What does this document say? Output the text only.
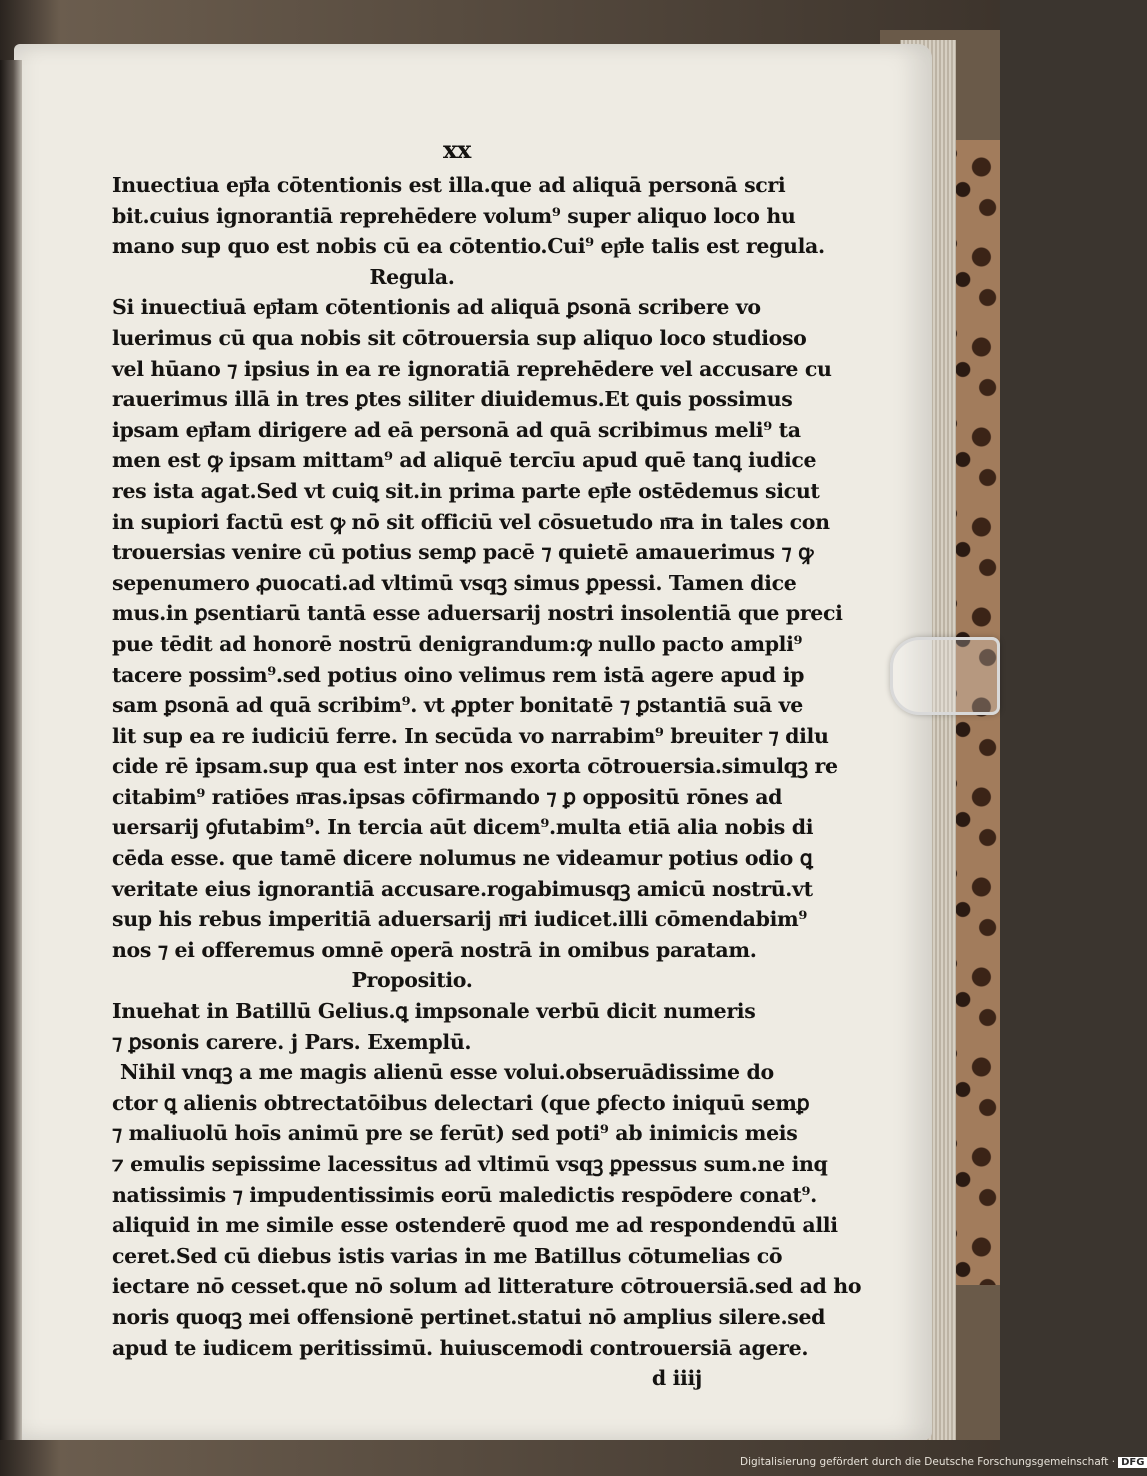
xx
Inuectiua ep͞la cōtentionis est illa.que ad aliquā personā scri
bit.cuius ignorantiā reprehēdere volum⁹ super aliquo loco hu
mano sup quo est nobis cū ea cōtentio.Cui⁹ ep͞le talis est regula.
Regula.
Si inuectiuā ep͞lam cōtentionis ad aliquā ꝑsonā scribere vo
luerimus cū qua nobis sit cōtrouersia sup aliquo loco studioso
vel hūano ⁊ ipsius in ea re ignoratiā reprehēdere vel accusare cu
rauerimus illā in tres ꝑtes siliter diuidemus.Et ꝗuis possimus
ipsam ep͞lam dirigere ad eā personā ad quā scribimus meli⁹ ta
men est ꝙ ipsam mittam⁹ ad aliquē tercīu apud quē tanꝗ iudice
res ista agat.Sed vt cuiꝗ sit.in prima parte ep͞le ostēdemus sicut
in supiori factū est ꝙ nō sit officiū vel cōsuetudo n͞ra in tales con
trouersias venire cū potius semꝑ pacē ⁊ quietē amauerimus ⁊ ꝙ
sepenumero ꝓuocati.ad vltimū vsqꝫ simus ꝑpessi. Tamen dice
mus.in ꝑsentiarū tantā esse aduersarij nostri insolentiā que preci
pue tēdit ad honorē nostrū denigrandum:ꝙ nullo pacto ampli⁹
tacere possim⁹.sed potius oino velimus rem istā agere apud ip
sam ꝑsonā ad quā scribim⁹. vt ꝓpter bonitatē ⁊ ꝑstantiā suā ve
lit sup ea re iudiciū ferre. In secūda vo narrabim⁹ breuiter ⁊ dilu
cide rē ipsam.sup qua est inter nos exorta cōtrouersia.simulqꝫ re
citabim⁹ ratiōes n͞ras.ipsas cōfirmando ⁊ ꝑ oppositū rōnes ad
uersarij ꝯfutabim⁹. In tercia aūt dicem⁹.multa etiā alia nobis di
cēda esse. que tamē dicere nolumus ne videamur potius odio ꝗ
veritate eius ignorantiā accusare.rogabimusqꝫ amicū nostrū.vt
sup his rebus imperitiā aduersarij n͞ri iudicet.illi cōmendabim⁹
nos ⁊ ei offeremus omnē operā nostrā in omibus paratam.
Propositio.
Inuehat in Batillū Gelius.ꝗ impsonale verbū dicit numeris
⁊ ꝑsonis carere. j Pars. Exemplū.
Nihil vnqꝫ a me magis alienū esse volui.obseruādissime do
ctor ꝗ alienis obtrectatōibus delectari (que ꝑfecto iniquū semꝑ
⁊ maliuolū hoīs animū pre se ferūt) sed poti⁹ ab inimicis meis
⁊ emulis sepissime lacessitus ad vltimū vsqꝫ ꝑpessus sum.ne inq
natissimis ⁊ impudentissimis eorū maledictis respōdere conat⁹.
aliquid in me simile esse ostenderē quod me ad respondendū alli
ceret.Sed cū diebus istis varias in me Batillus cōtumelias cō
iectare nō cesset.que nō solum ad litterature cōtrouersiā.sed ad ho
noris quoqꝫ mei offensionē pertinet.statui nō amplius silere.sed
apud te iudicem peritissimū. huiuscemodi controuersiā agere.
d iiij
Digitalisierung gefördert durch die Deutsche Forschungsgemeinschaft · DFG
